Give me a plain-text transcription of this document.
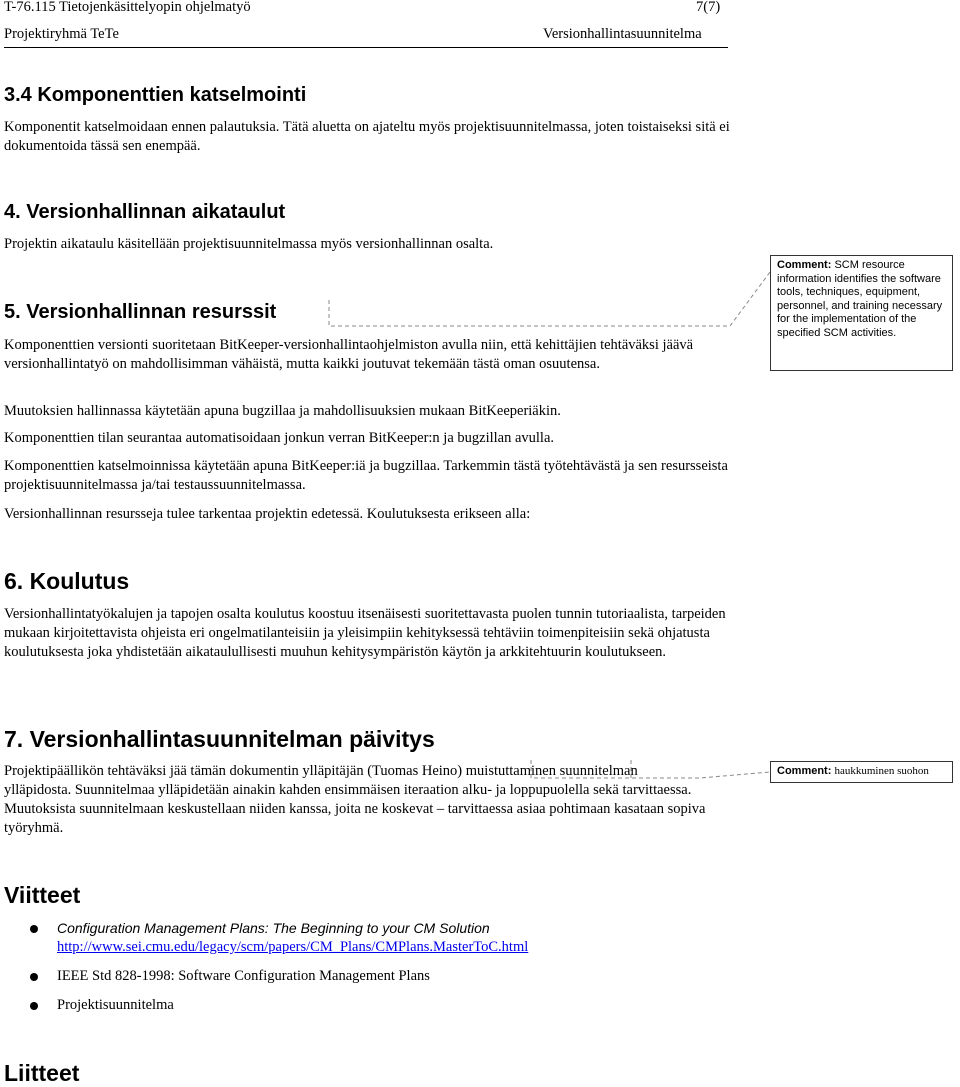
T-76.115 Tietojenkäsittelyopin ohjelmatyö	7(7)
Projektiryhmä TeTe	Versionhallintasuunnitelma
3.4 Komponenttien katselmointi
Komponentit katselmoidaan ennen palautuksia. Tätä aluetta on ajateltu myös projektisuunnitelmassa, joten toistaiseksi sitä ei dokumentoida tässä sen enempää.
4. Versionhallinnan aikataulut
Projektin aikataulu käsitellään projektisuunnitelmassa myös versionhallinnan osalta.
5. Versionhallinnan resurssit
Komponenttien versionti suoritetaan BitKeeper-versionhallintaohjelmiston avulla niin, että kehittäjien tehtäväksi jäävä versionhallintatyö on mahdollisimman vähäistä, mutta kaikki joutuvat tekemään tästä oman osuutensa.
Muutoksien hallinnassa käytetään apuna bugzillaa ja mahdollisuuksien mukaan BitKeeperiäkin.
Komponenttien tilan seurantaa automatisoidaan jonkun verran BitKeeper:n ja bugzillan avulla.
Komponenttien katselmoinnissa käytetään apuna BitKeeper:iä ja bugzillaa. Tarkemmin tästä työtehtävästä ja sen resursseista projektisuunnitelmassa ja/tai testaussuunnitelmassa.
Versionhallinnan resursseja tulee tarkentaa projektin edetessä. Koulutuksesta erikseen alla:
6. Koulutus
Versionhallintatyökalujen ja tapojen osalta koulutus koostuu itsenäisesti suoritettavasta puolen tunnin tutoriaalista, tarpeiden mukaan kirjoitettavista ohjeista eri ongelmatilanteisiin ja yleisimpiin kehityksessä tehtäviin toimenpiteisiin sekä ohjatusta koulutuksesta joka yhdistetään aikataulullisesti muuhun kehitysympäristön käytön ja arkkitehtuurin koulutukseen.
7. Versionhallintasuunnitelman päivitys
Projektipäällikön tehtäväksi jää tämän dokumentin ylläpitäjän (Tuomas Heino) muistuttaminen suunnitelman
ylläpidosta. Suunnitelmaa ylläpidetään ainakin kahden ensimmäisen iteraation alku- ja loppupuolella sekä tarvittaessa. Muutoksista suunnitelmaan keskustellaan niiden kanssa, joita ne koskevat – tarvittaessa asiaa pohtimaan kasataan sopiva työryhmä.
Viitteet
Configuration Management Plans: The Beginning to your CM Solution
http://www.sei.cmu.edu/legacy/scm/papers/CM_Plans/CMPlans.MasterToC.html
IEEE Std 828-1998: Software Configuration Management Plans
Projektisuunnitelma
Liitteet
Comment: SCM resource information identifies the software tools, techniques, equipment, personnel, and training necessary for the implementation of the specified SCM activities.
Comment: haukkuminen suohon
